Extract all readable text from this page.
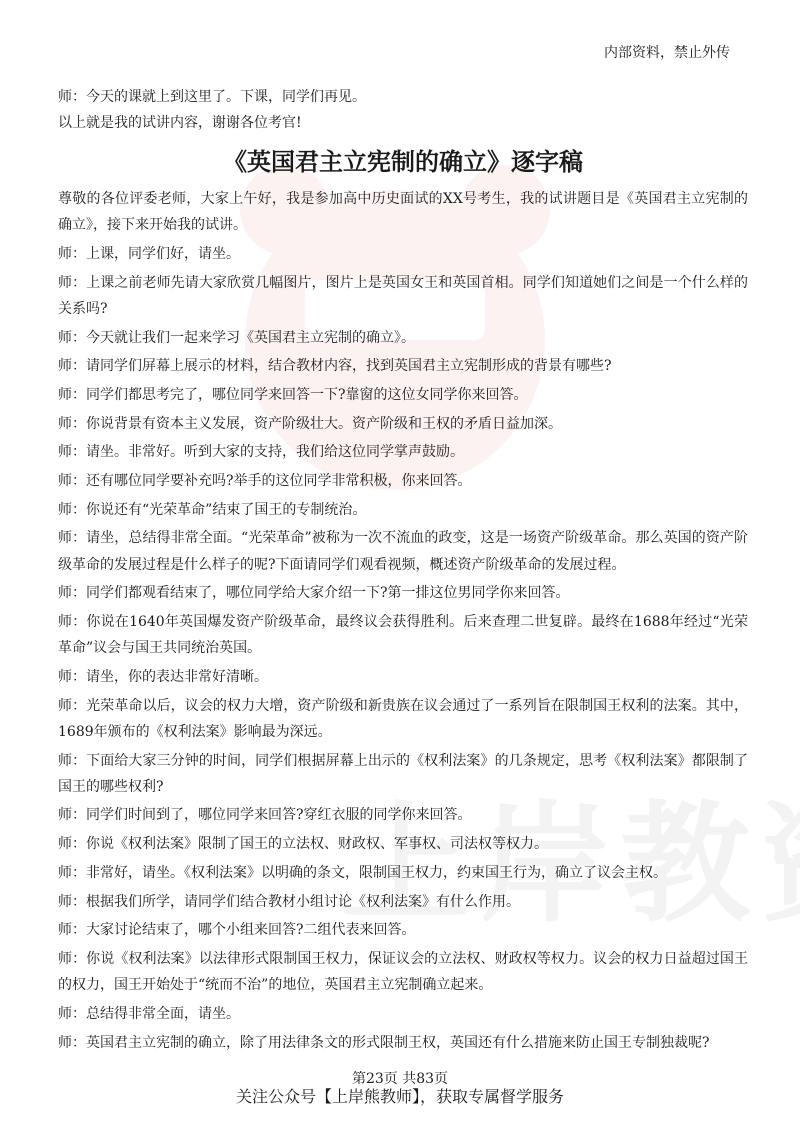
内部资料，禁止外传

师：今天的课就上到这里了。下课，同学们再见。

以上就是我的试讲内容，谢谢各位考官!

《英国君主立宪制的确立》逐字稿

尊敬的各位评委老师，大家上午好，我是参加高中历史面试的XX号考生，我的试讲题目是《英国君主立宪制的确立》，接下来开始我的试讲。

师：上课，同学们好，请坐。

师：上课之前老师先请大家欣赏几幅图片，图片上是英国女王和英国首相。同学们知道她们之间是一个什么样的关系吗?

师：今天就让我们一起来学习《英国君主立宪制的确立》。

师：请同学们屏幕上展示的材料，结合教材内容，找到英国君主立宪制形成的背景有哪些?

师：同学们都思考完了，哪位同学来回答一下?靠窗的这位女同学你来回答。

师：你说背景有资本主义发展，资产阶级壮大。资产阶级和王权的矛盾日益加深。

师：请坐。非常好。听到大家的支持，我们给这位同学掌声鼓励。

师：还有哪位同学要补充吗?举手的这位同学非常积极，你来回答。

师：你说还有“光荣革命”结束了国王的专制统治。

师：请坐，总结得非常全面。“光荣革命”被称为一次不流血的政变，这是一场资产阶级革命。那么英国的资产阶级革命的发展过程是什么样子的呢?下面请同学们观看视频，概述资产阶级革命的发展过程。

师：同学们都观看结束了，哪位同学给大家介绍一下?第一排这位男同学你来回答。

师：你说在1640年英国爆发资产阶级革命，最终议会获得胜利。后来查理二世复辟。最终在1688年经过“光荣革命”议会与国王共同统治英国。

师：请坐，你的表达非常好清晰。

师：光荣革命以后，议会的权力大增，资产阶级和新贵族在议会通过了一系列旨在限制国王权利的法案。其中，1689年颁布的《权利法案》影响最为深远。

师：下面给大家三分钟的时间，同学们根据屏幕上出示的《权利法案》的几条规定，思考《权利法案》都限制了国王的哪些权利?

师：同学们时间到了，哪位同学来回答?穿红衣服的同学你来回答。

师：你说《权利法案》限制了国王的立法权、财政权、军事权、司法权等权力。

师：非常好，请坐。《权利法案》以明确的条文，限制国王权力，约束国王行为，确立了议会主权。

师：根据我们所学，请同学们结合教材小组讨论《权利法案》有什么作用。

师：大家讨论结束了，哪个小组来回答?二组代表来回答。

师：你说《权利法案》以法律形式限制国王权力，保证议会的立法权、财政权等权力。议会的权力日益超过国王的权力，国王开始处于“统而不治”的地位，英国君主立宪制确立起来。

师：总结得非常全面，请坐。

师：英国君主立宪制的确立，除了用法律条文的形式限制王权，英国还有什么措施来防止国王专制独裁呢?

第23页 共83页
关注公众号【上岸熊教师】，获取专属督学服务
